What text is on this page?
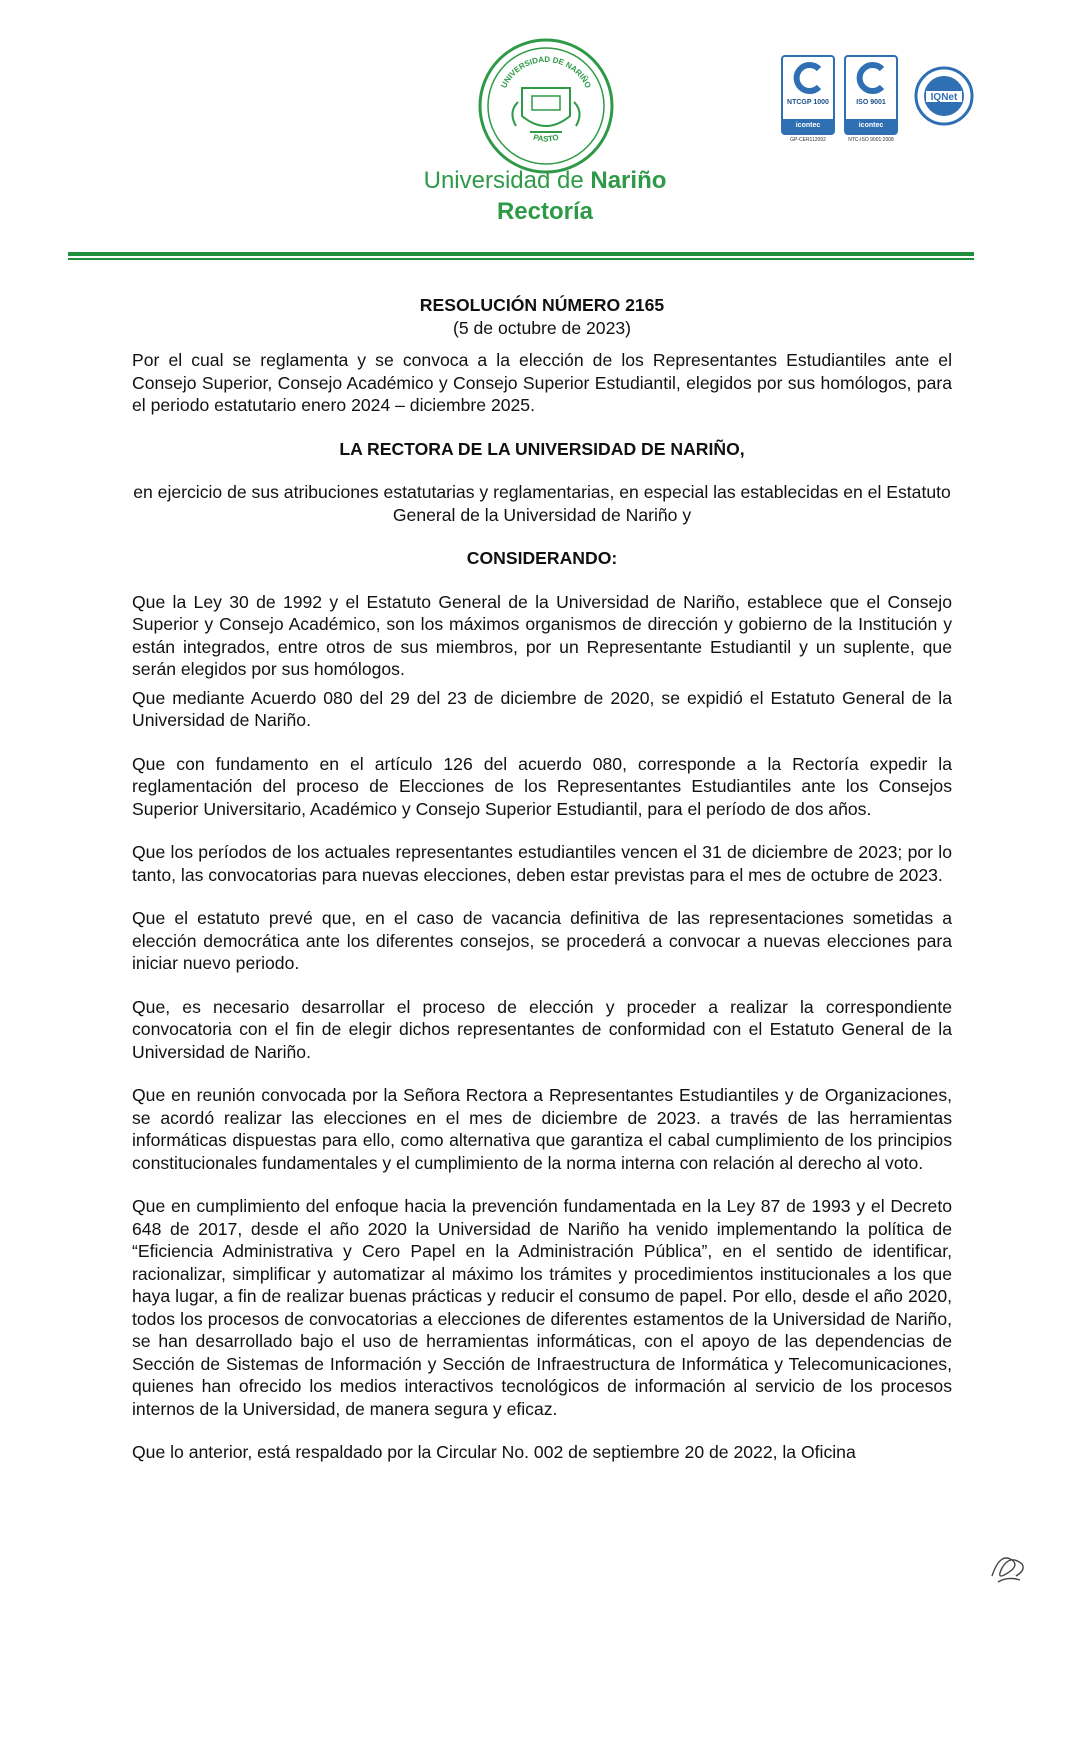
UNIVERSIDAD DE NARIÑO
PASTO
Universidad de Nariño
Rectoría
NTCGP 1000
icontec
GP-CER112092
ISO 9001
icontec
NTC-ISO 9001:2008
IQNet

RESOLUCIÓN NÚMERO 2165

(5 de octubre de 2023)

Por el cual se reglamenta y se convoca a la elección de los Representantes Estudiantiles ante el Consejo Superior, Consejo Académico y Consejo Superior Estudiantil, elegidos por sus homólogos, para el periodo estatutario enero 2024 – diciembre 2025.

LA RECTORA DE LA UNIVERSIDAD DE NARIÑO,

en ejercicio de sus atribuciones estatutarias y reglamentarias, en especial las establecidas en el Estatuto General de la Universidad de Nariño y

CONSIDERANDO:

Que la Ley 30 de 1992 y el Estatuto General de la Universidad de Nariño, establece que el Consejo Superior y Consejo Académico, son los máximos organismos de dirección y gobierno de la Institución y están integrados, entre otros de sus miembros, por un Representante Estudiantil y un suplente, que serán elegidos por sus homólogos.

Que mediante Acuerdo 080 del 29 del 23 de diciembre de 2020, se expidió el Estatuto General de la Universidad de Nariño.

Que con fundamento en el artículo 126 del acuerdo 080, corresponde a la Rectoría expedir la reglamentación del proceso de Elecciones de los Representantes Estudiantiles ante los Consejos Superior Universitario, Académico y Consejo Superior Estudiantil, para el período de dos años.

Que los períodos de los actuales representantes estudiantiles vencen el 31 de diciembre de 2023; por lo tanto, las convocatorias para nuevas elecciones, deben estar previstas para el mes de octubre de 2023.

Que el estatuto prevé que, en el caso de vacancia definitiva de las representaciones sometidas a elección democrática ante los diferentes consejos, se procederá a convocar a nuevas elecciones para iniciar nuevo periodo.

Que, es necesario desarrollar el proceso de elección y proceder a realizar la correspondiente convocatoria con el fin de elegir dichos representantes de conformidad con el Estatuto General de la Universidad de Nariño.

Que en reunión convocada por la Señora Rectora a Representantes Estudiantiles y de Organizaciones, se acordó realizar las elecciones en el mes de diciembre de 2023. a través de las herramientas informáticas dispuestas para ello, como alternativa que garantiza el cabal cumplimiento de los principios constitucionales fundamentales y el cumplimiento de la norma interna con relación al derecho al voto.

Que en cumplimiento del enfoque hacia la prevención fundamentada en la Ley 87 de 1993 y el Decreto 648 de 2017, desde el año 2020 la Universidad de Nariño ha venido implementando la política de “Eficiencia Administrativa y Cero Papel en la Administración Pública”, en el sentido de identificar, racionalizar, simplificar y automatizar al máximo los trámites y procedimientos institucionales a los que haya lugar, a fin de realizar buenas prácticas y reducir el consumo de papel. Por ello, desde el año 2020, todos los procesos de convocatorias a elecciones de diferentes estamentos de la Universidad de Nariño, se han desarrollado bajo el uso de herramientas informáticas, con el apoyo de las dependencias de Sección de Sistemas de Información y Sección de Infraestructura de Informática y Telecomunicaciones, quienes han ofrecido los medios interactivos tecnológicos de información al servicio de los procesos internos de la Universidad, de manera segura y eficaz.

Que lo anterior, está respaldado por la Circular No. 002 de septiembre 20 de 2022, la Oficina
